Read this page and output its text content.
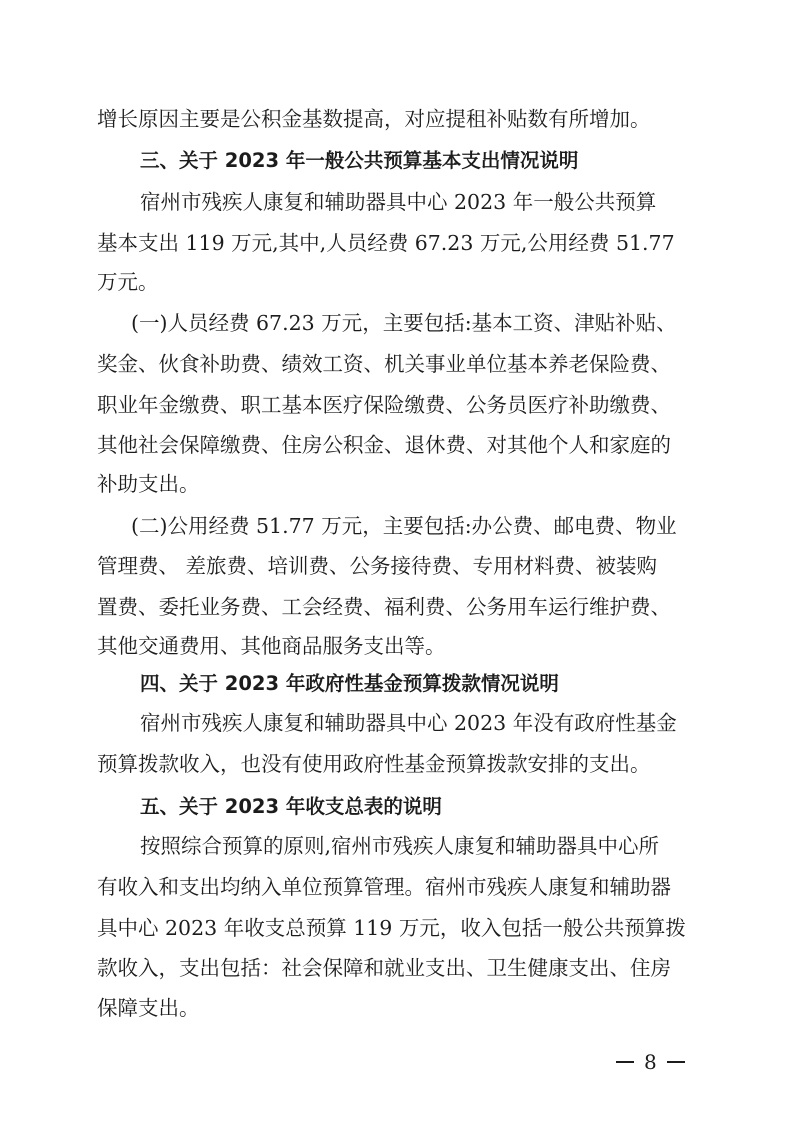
增长原因主要是公积金基数提高，对应提租补贴数有所增加。
三、关于 2023 年一般公共预算基本支出情况说明
宿州市残疾人康复和辅助器具中心 2023 年一般公共预算
基本支出 119 万元,其中,人员经费 67.23 万元,公用经费 51.77
万元。
(一)人员经费 67.23 万元，主要包括:基本工资、津贴补贴、
奖金、伙食补助费、绩效工资、机关事业单位基本养老保险费、
职业年金缴费、职工基本医疗保险缴费、公务员医疗补助缴费、
其他社会保障缴费、住房公积金、退休费、对其他个人和家庭的
补助支出。
(二)公用经费 51.77 万元，主要包括:办公费、邮电费、物业
管理费、 差旅费、培训费、公务接待费、专用材料费、被装购
置费、委托业务费、工会经费、福利费、公务用车运行维护费、
其他交通费用、其他商品服务支出等。
四、关于 2023 年政府性基金预算拨款情况说明
宿州市残疾人康复和辅助器具中心 2023 年没有政府性基金
预算拨款收入，也没有使用政府性基金预算拨款安排的支出。
五、关于 2023 年收支总表的说明
按照综合预算的原则,宿州市残疾人康复和辅助器具中心所
有收入和支出均纳入单位预算管理。宿州市残疾人康复和辅助器
具中心 2023 年收支总预算 119 万元，收入包括一般公共预算拨
款收入，支出包括：社会保障和就业支出、卫生健康支出、住房
保障支出。
8
